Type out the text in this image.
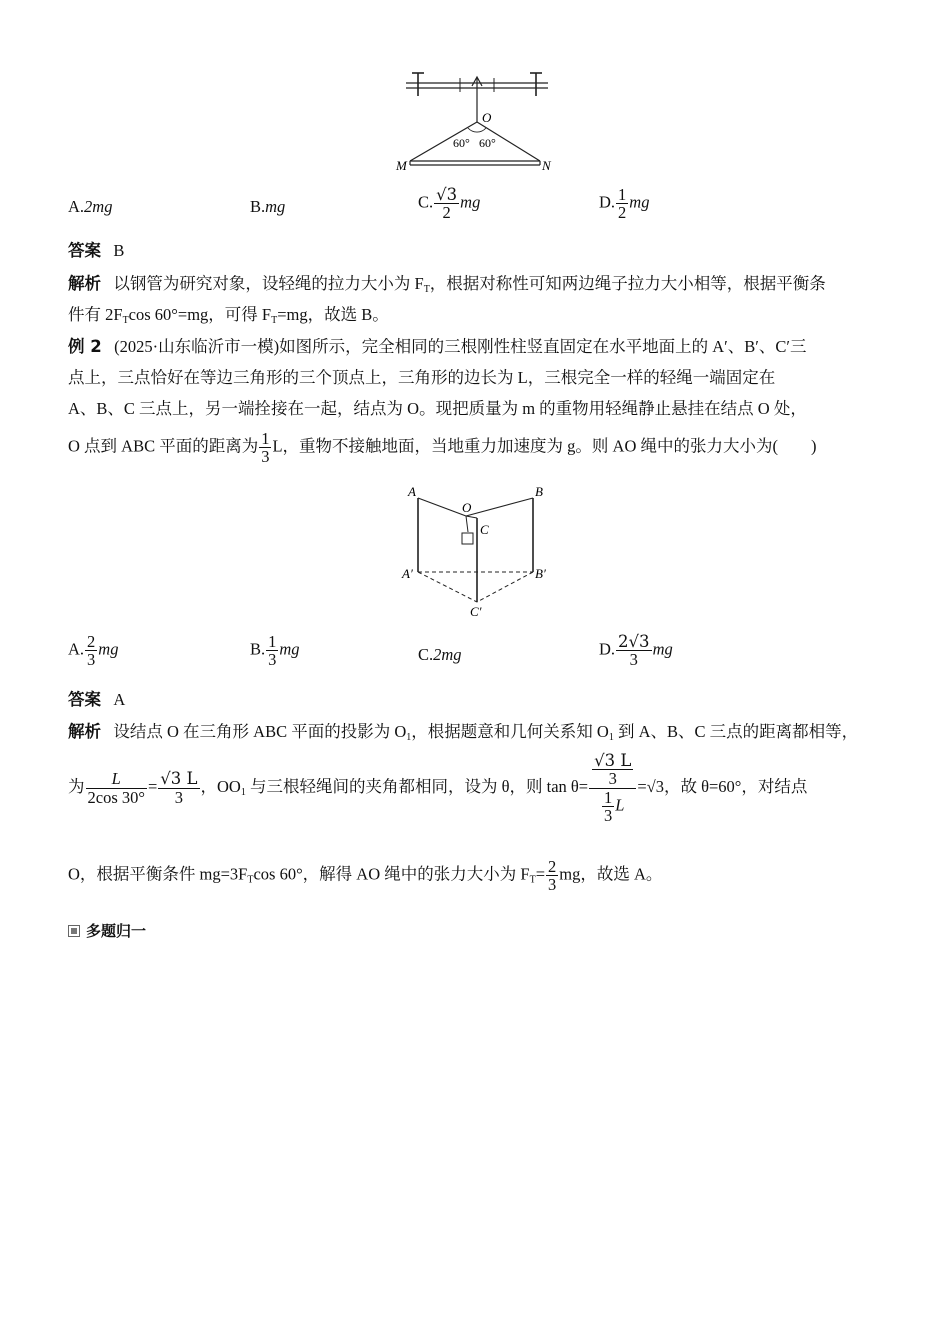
O
M	N
60° 60°
A.2mg	B.mg	C. $\frac{√3}{2}$ mg	D. $\frac{1}{2}$ mg
答案 B
解析 以钢管为研究对象，设轻绳的拉力大小为 $F_T$，根据对称性可知两边绳子拉力大小相等，根据平衡条
件有 $2F_T\cos$ 60°=mg，可得 $F_T=mg$，故选 B。
例 2 (2025·山东临沂市一模)如图所示，完全相同的三根刚性柱竖直固定在水平地面上的 A′、B′、C′三
点上，三点恰好在等边三角形的三个顶点上，三角形的边长为 L，三根完全一样的轻绳一端固定在
A、B、C 三点上，另一端拴接在一起，结点为 O。现把质量为 m 的重物用轻绳静止悬挂在结点 O 处，
O 点到 ABC 平面的距离为 $\frac{1}{3}$ L，重物不接触地面，当地重力加速度为 g。则 AO 绳中的张力大小为(　　)
A	B
O
C
A′	B′
C′
A. $\frac{2}{3}$ mg	B. $\frac{1}{3}$ mg	C.2mg	D. $\frac{2√3}{3}$ mg
答案 A
解析 设结点 O 在三角形 ABC 平面的投影为 $O_1$，根据题意和几何关系知 $O_1$ 到 A、B、C 三点的距离都相等，
为 $\frac{L}{2\cos 30^\circ} = \frac{√3 L}{3}$ ，$OO_1$ 与三根轻绳间的夹角都相同，设为 θ，则 $\tan \theta= \frac{\frac{√3 L}{3}}{\frac{1}{3} L} =√3$，故 θ=60°，对结点
O，根据平衡条件 $mg=3F_T\cos$ 60°，解得 AO 绳中的张力大小为 $F_T= \frac{2}{3}$ mg，故选 A。
多题归一
